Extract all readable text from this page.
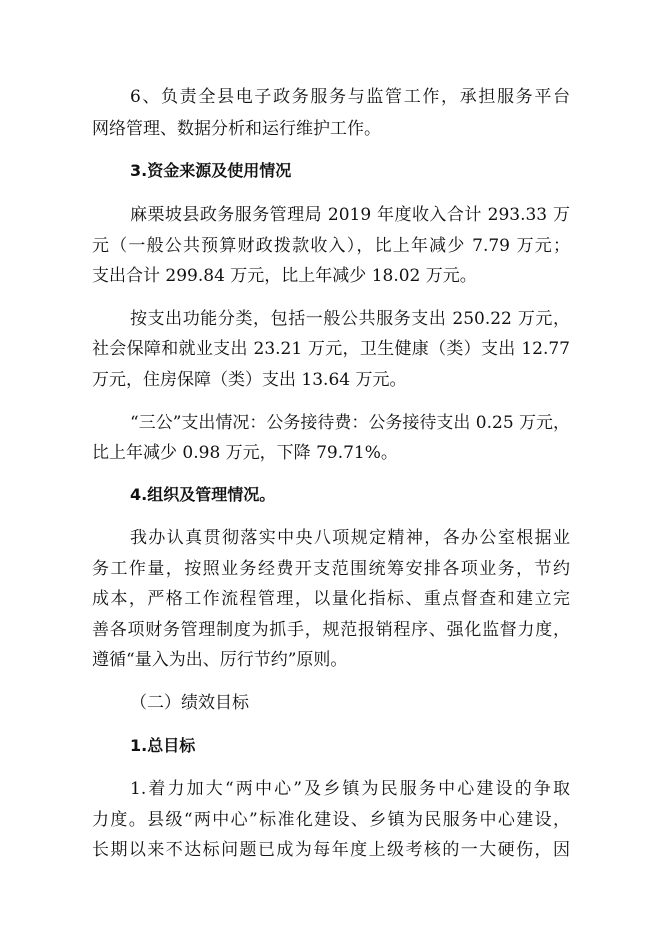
6、负责全县电子政务服务与监管工作，承担服务平台
网络管理、数据分析和运行维护工作。
3.资金来源及使用情况
麻栗坡县政务服务管理局 2019 年度收入合计 293.33 万
元（一般公共预算财政拨款收入），比上年减少 7.79 万元；
支出合计 299.84 万元，比上年减少 18.02 万元。
按支出功能分类，包括一般公共服务支出 250.22 万元，
社会保障和就业支出 23.21 万元，卫生健康（类）支出 12.77
万元，住房保障（类）支出 13.64 万元。
“三公”支出情况：公务接待费：公务接待支出 0.25 万元，
比上年减少 0.98 万元，下降 79.71%。
4.组织及管理情况。
我办认真贯彻落实中央八项规定精神，各办公室根据业
务工作量，按照业务经费开支范围统筹安排各项业务，节约
成本，严格工作流程管理，以量化指标、重点督查和建立完
善各项财务管理制度为抓手，规范报销程序、强化监督力度，
遵循“量入为出、厉行节约”原则。
（二）绩效目标
1.总目标
1.着力加大“两中心”及乡镇为民服务中心建设的争取
力度。县级“两中心”标准化建设、乡镇为民服务中心建设，
长期以来不达标问题已成为每年度上级考核的一大硬伤，因
